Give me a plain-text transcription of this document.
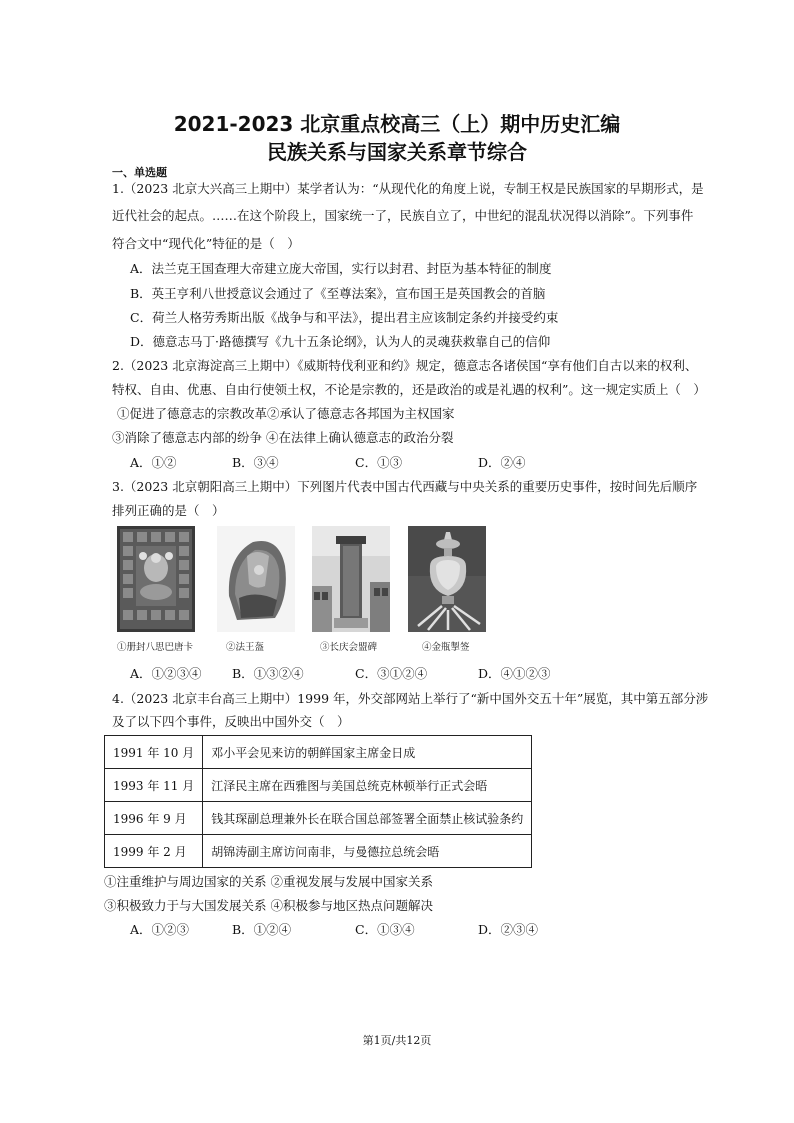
2021-2023 北京重点校高三（上）期中历史汇编
民族关系与国家关系章节综合
一、单选题
1.（2023 北京大兴高三上期中）某学者认为：“从现代化的角度上说，专制王权是民族国家的早期形式，是
近代社会的起点。……在这个阶段上，国家统一了，民族自立了，中世纪的混乱状况得以消除”。下列事件
符合文中“现代化”特征的是（　）
A．法兰克王国查理大帝建立庞大帝国，实行以封君、封臣为基本特征的制度
B．英王亨利八世授意议会通过了《至尊法案》，宣布国王是英国教会的首脑
C．荷兰人格劳秀斯出版《战争与和平法》，提出君主应该制定条约并接受约束
D．德意志马丁·路德撰写《九十五条论纲》，认为人的灵魂获救靠自己的信仰
2.（2023 北京海淀高三上期中）《威斯特伐利亚和约》规定，德意志各诸侯国“享有他们自古以来的权利、
特权、自由、优惠、自由行使领土权，不论是宗教的，还是政治的或是礼遇的权利”。这一规定实质上（　）
①促进了德意志的宗教改革②承认了德意志各邦国为主权国家
③消除了德意志内部的纷争 ④在法律上确认德意志的政治分裂
A．①②	B．③④	C．①③	D．②④
3.（2023 北京朝阳高三上期中）下列图片代表中国古代西藏与中央关系的重要历史事件，按时间先后顺序
排列正确的是（　）
①册封八思巴唐卡	②法王盔	③长庆会盟碑	④金瓶掣签
A．①②③④ B．①③②④	C．③①②④	D．④①②③
4.（2023 北京丰台高三上期中）1999 年，外交部网站上举行了“新中国外交五十年”展览，其中第五部分涉
及了以下四个事件，反映出中国外交（　）
1991 年 10 月	邓小平会见来访的朝鲜国家主席金日成
1993 年 11 月	江泽民主席在西雅图与美国总统克林顿举行正式会晤
1996 年 9 月	钱其琛副总理兼外长在联合国总部签署全面禁止核试验条约
1999 年 2 月	胡锦涛副主席访问南非，与曼德拉总统会晤
①注重维护与周边国家的关系 ②重视发展与发展中国家关系
③积极致力于与大国发展关系 ④积极参与地区热点问题解决
A．①②③	B．①②④	C．①③④	D．②③④
第1页/共12页
